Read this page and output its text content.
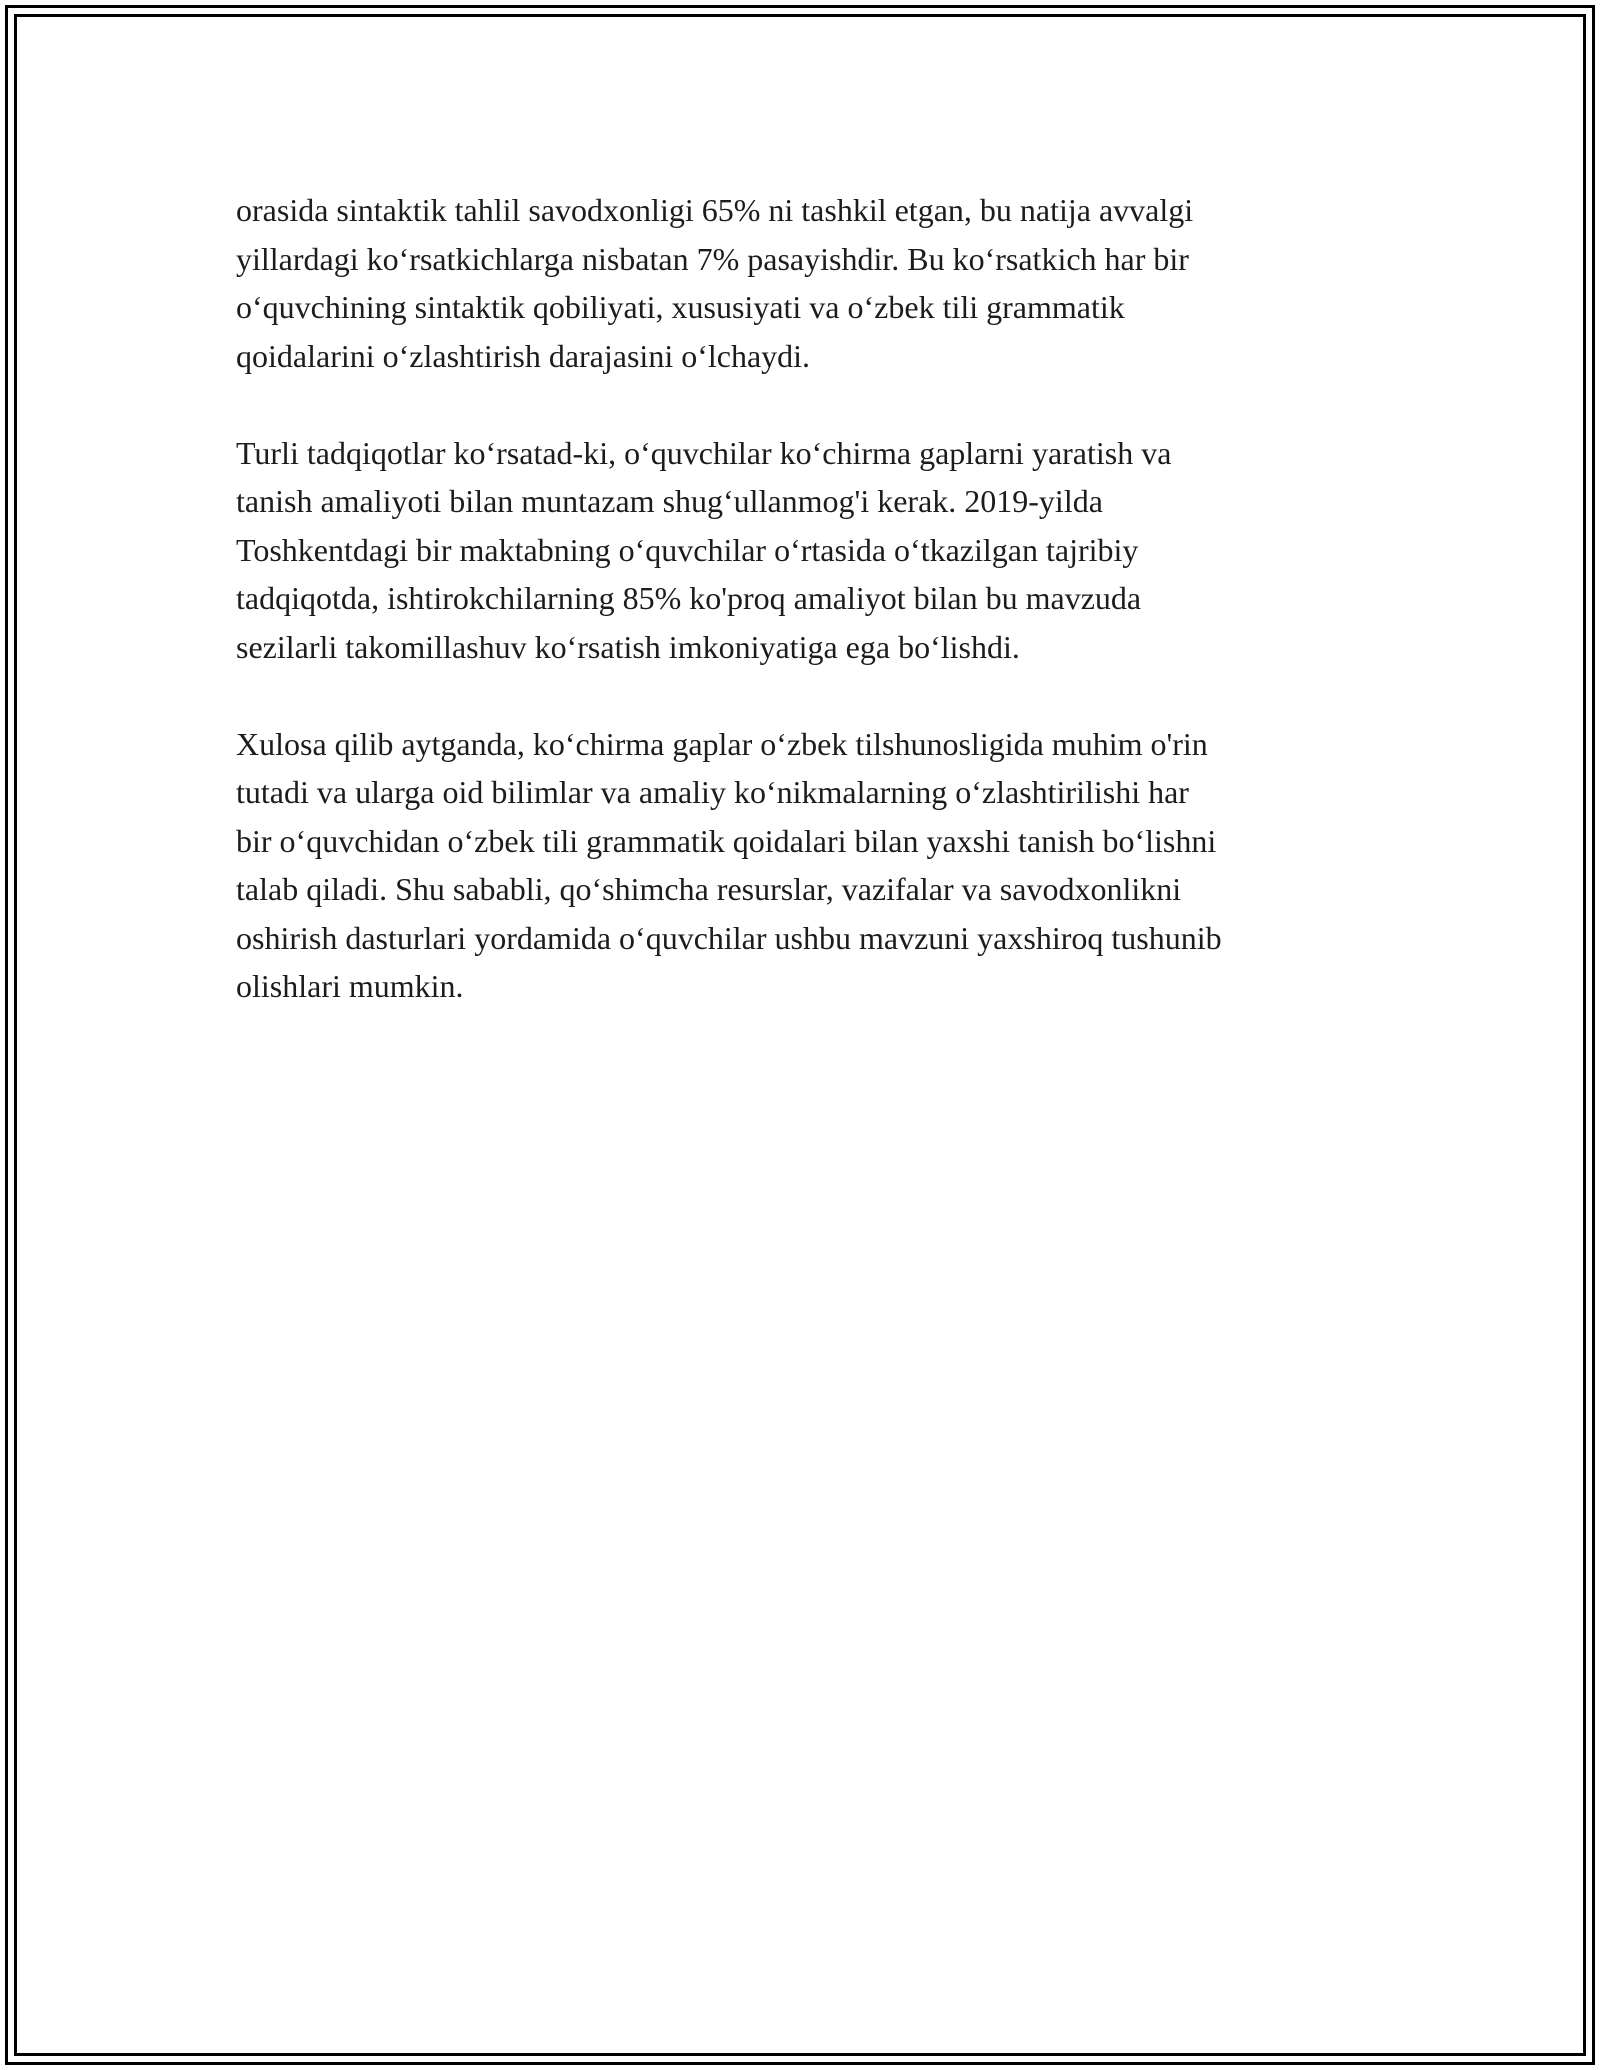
orasida sintaktik tahlil savodxonligi 65% ni tashkil etgan, bu natija avvalgi
yillardagi ko‘rsatkichlarga nisbatan 7% pasayishdir. Bu ko‘rsatkich har bir
o‘quvchining sintaktik qobiliyati, xususiyati va o‘zbek tili grammatik
qoidalarini o‘zlashtirish darajasini o‘lchaydi.

Turli tadqiqotlar ko‘rsatad-ki, o‘quvchilar ko‘chirma gaplarni yaratish va
tanish amaliyoti bilan muntazam shug‘ullanmog'i kerak. 2019-yilda
Toshkentdagi bir maktabning o‘quvchilar o‘rtasida o‘tkazilgan tajribiy
tadqiqotda, ishtirokchilarning 85% ko'proq amaliyot bilan bu mavzuda
sezilarli takomillashuv ko‘rsatish imkoniyatiga ega bo‘lishdi.

Xulosa qilib aytganda, ko‘chirma gaplar o‘zbek tilshunosligida muhim o'rin
tutadi va ularga oid bilimlar va amaliy ko‘nikmalarning o‘zlashtirilishi har
bir o‘quvchidan o‘zbek tili grammatik qoidalari bilan yaxshi tanish bo‘lishni
talab qiladi. Shu sababli, qo‘shimcha resurslar, vazifalar va savodxonlikni
oshirish dasturlari yordamida o‘quvchilar ushbu mavzuni yaxshiroq tushunib
olishlari mumkin.
